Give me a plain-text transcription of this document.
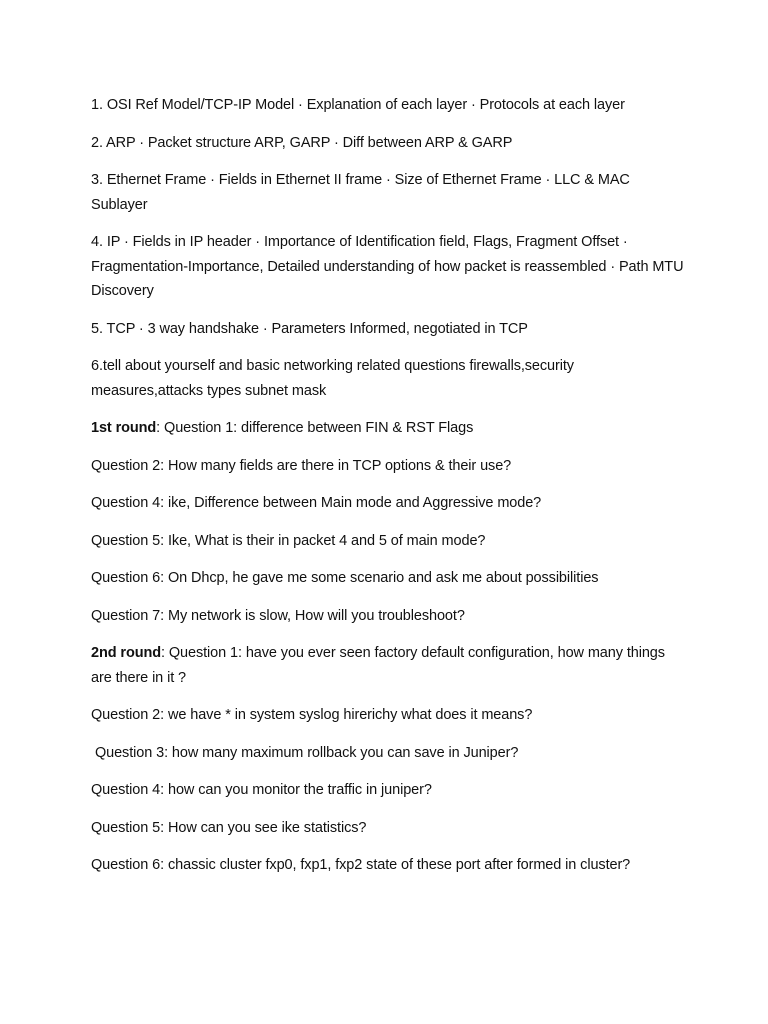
1. OSI Ref Model/TCP-IP Model · Explanation of each layer · Protocols at each layer

2. ARP · Packet structure ARP, GARP · Diff between ARP & GARP

3. Ethernet Frame · Fields in Ethernet II frame · Size of Ethernet Frame · LLC & MAC Sublayer

4. IP · Fields in IP header · Importance of Identification field, Flags, Fragment Offset · Fragmentation-Importance, Detailed understanding of how packet is reassembled · Path MTU Discovery

5. TCP · 3 way handshake · Parameters Informed, negotiated in TCP

6.tell about yourself and basic networking related questions firewalls,security measures,attacks types subnet mask

1st round: Question 1: difference between FIN & RST Flags

Question 2: How many fields are there in TCP options & their use?

Question 4: ike, Difference between Main mode and Aggressive mode?

Question 5: Ike, What is their in packet 4 and 5 of main mode?

Question 6: On Dhcp, he gave me some scenario and ask me about possibilities

Question 7: My network is slow, How will you troubleshoot?

2nd round: Question 1: have you ever seen factory default configuration, how many things are there in it ?

Question 2: we have * in system syslog hirerichy what does it means?

Question 3: how many maximum rollback you can save in Juniper?

Question 4: how can you monitor the traffic in juniper?

Question 5: How can you see ike statistics?

Question 6: chassic cluster fxp0, fxp1, fxp2 state of these port after formed in cluster?
